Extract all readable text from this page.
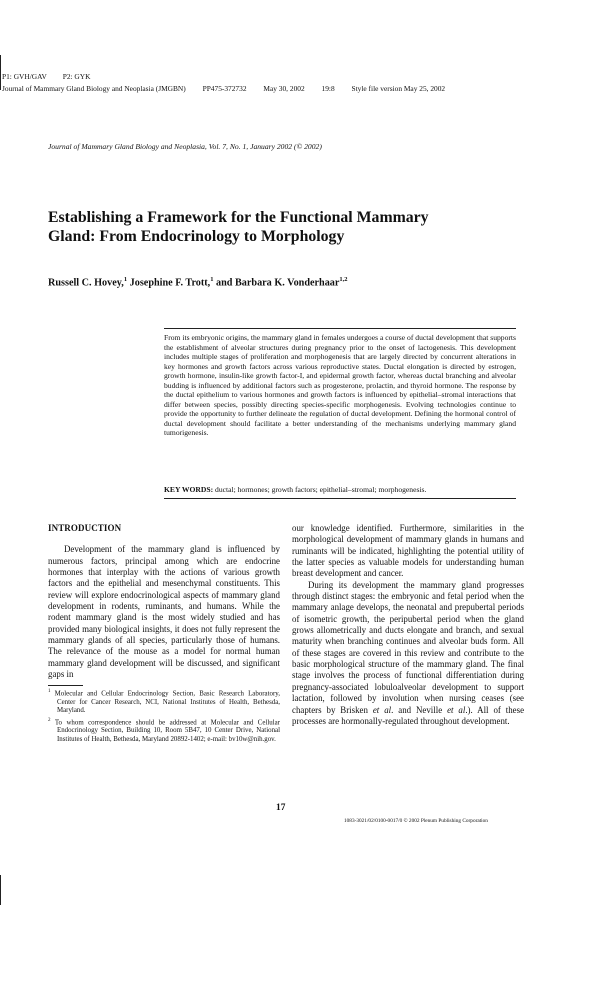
P1: GVH/GAV P2: GYK
Journal of Mammary Gland Biology and Neoplasia (JMGBN) PP475-372732 May 30, 2002 19:8 Style file version May 25, 2002
Journal of Mammary Gland Biology and Neoplasia, Vol. 7, No. 1, January 2002 (© 2002)
Establishing a Framework for the Functional Mammary
Gland: From Endocrinology to Morphology
Russell C. Hovey,$^1$ Josephine F. Trott,$^1$ and Barbara K. Vonderhaar$^{1,2}$

From its embryonic origins, the mammary gland in females undergoes a course of ductal development that supports the establishment of alveolar structures during pregnancy prior to the onset of lactogenesis. This development includes multiple stages of proliferation and morphogenesis that are largely directed by concurrent alterations in key hormones and growth factors across various reproductive states. Ductal elongation is directed by estrogen, growth hormone, insulin-like growth factor-I, and epidermal growth factor, whereas ductal branching and alveolar budding is influenced by additional factors such as progesterone, prolactin, and thyroid hormone. The response by the ductal epithelium to various hormones and growth factors is influenced by epithelial–stromal interactions that differ between species, possibly directing species-specific morphogenesis. Evolving technologies continue to provide the opportunity to further delineate the regulation of ductal development. Defining the hormonal control of ductal development should facilitate a better understanding of the mechanisms underlying mammary gland tumorigenesis.

KEY WORDS: ductal; hormones; growth factors; epithelial–stromal; morphogenesis.
INTRODUCTION

Development of the mammary gland is influenced by numerous factors, principal among which are endocrine hormones that interplay with the actions of various growth factors and the epithelial and mesenchymal constituents. This review will explore endocrinological aspects of mammary gland development in rodents, ruminants, and humans. While the rodent mammary gland is the most widely studied and has provided many biological insights, it does not fully represent the mammary glands of all species, particularly those of humans. The relevance of the mouse as a model for normal human mammary gland development will be discussed, and significant gaps in

$^1$ Molecular and Cellular Endocrinology Section, Basic Research Laboratory, Center for Cancer Research, NCI, National Institutes of Health, Bethesda, Maryland.

$^2$ To whom correspondence should be addressed at Molecular and Cellular Endocrinology Section, Building 10, Room 5B47, 10 Center Drive, National Institutes of Health, Bethesda, Maryland 20892-1402; e-mail: bv10w@nih.gov.

our knowledge identified. Furthermore, similarities in the morphological development of mammary glands in humans and ruminants will be indicated, highlighting the potential utility of the latter species as valuable models for understanding human breast development and cancer.

During its development the mammary gland progresses through distinct stages: the embryonic and fetal period when the mammary anlage develops, the neonatal and prepubertal periods of isometric growth, the peripubertal period when the gland grows allometrically and ducts elongate and branch, and sexual maturity when branching continues and alveolar buds form. All of these stages are covered in this review and contribute to the basic morphological structure of the mammary gland. The final stage involves the process of functional differentiation during pregnancy-associated lobuloalveolar development to support lactation, followed by involution when nursing ceases (see chapters by Brisken et al. and Neville et al.). All of these processes are hormonally-regulated throughout development.

17
1083-3021/02/0100-0017/0 © 2002 Plenum Publishing Corporation
